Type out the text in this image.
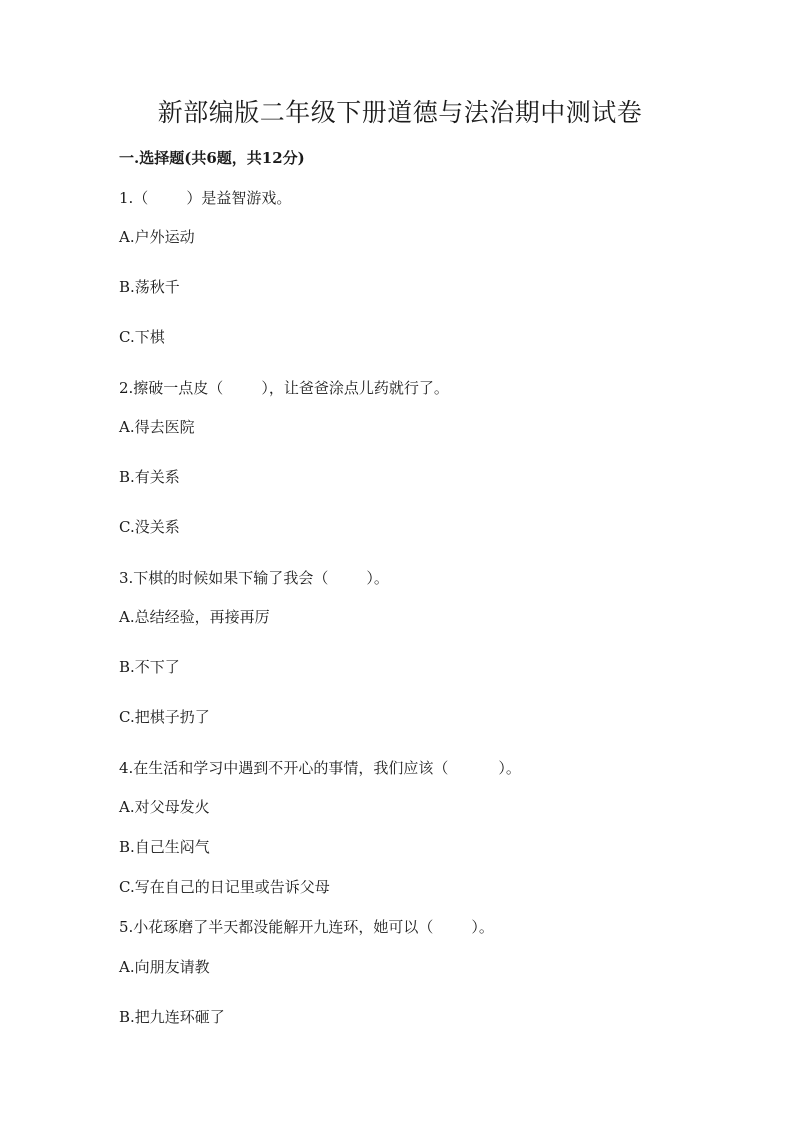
新部编版二年级下册道德与法治期中测试卷
一.选择题(共6题，共12分)
1.（	）是益智游戏。
A.户外运动
B.荡秋千
C.下棋
2.擦破一点皮（	），让爸爸涂点儿药就行了。
A.得去医院
B.有关系
C.没关系
3.下棋的时候如果下输了我会（	）。
A.总结经验，再接再厉
B.不下了
C.把棋子扔了
4.在生活和学习中遇到不开心的事情，我们应该（	）。
A.对父母发火
B.自己生闷气
C.写在自己的日记里或告诉父母
5.小花琢磨了半天都没能解开九连环，她可以（	）。
A.向朋友请教
B.把九连环砸了
